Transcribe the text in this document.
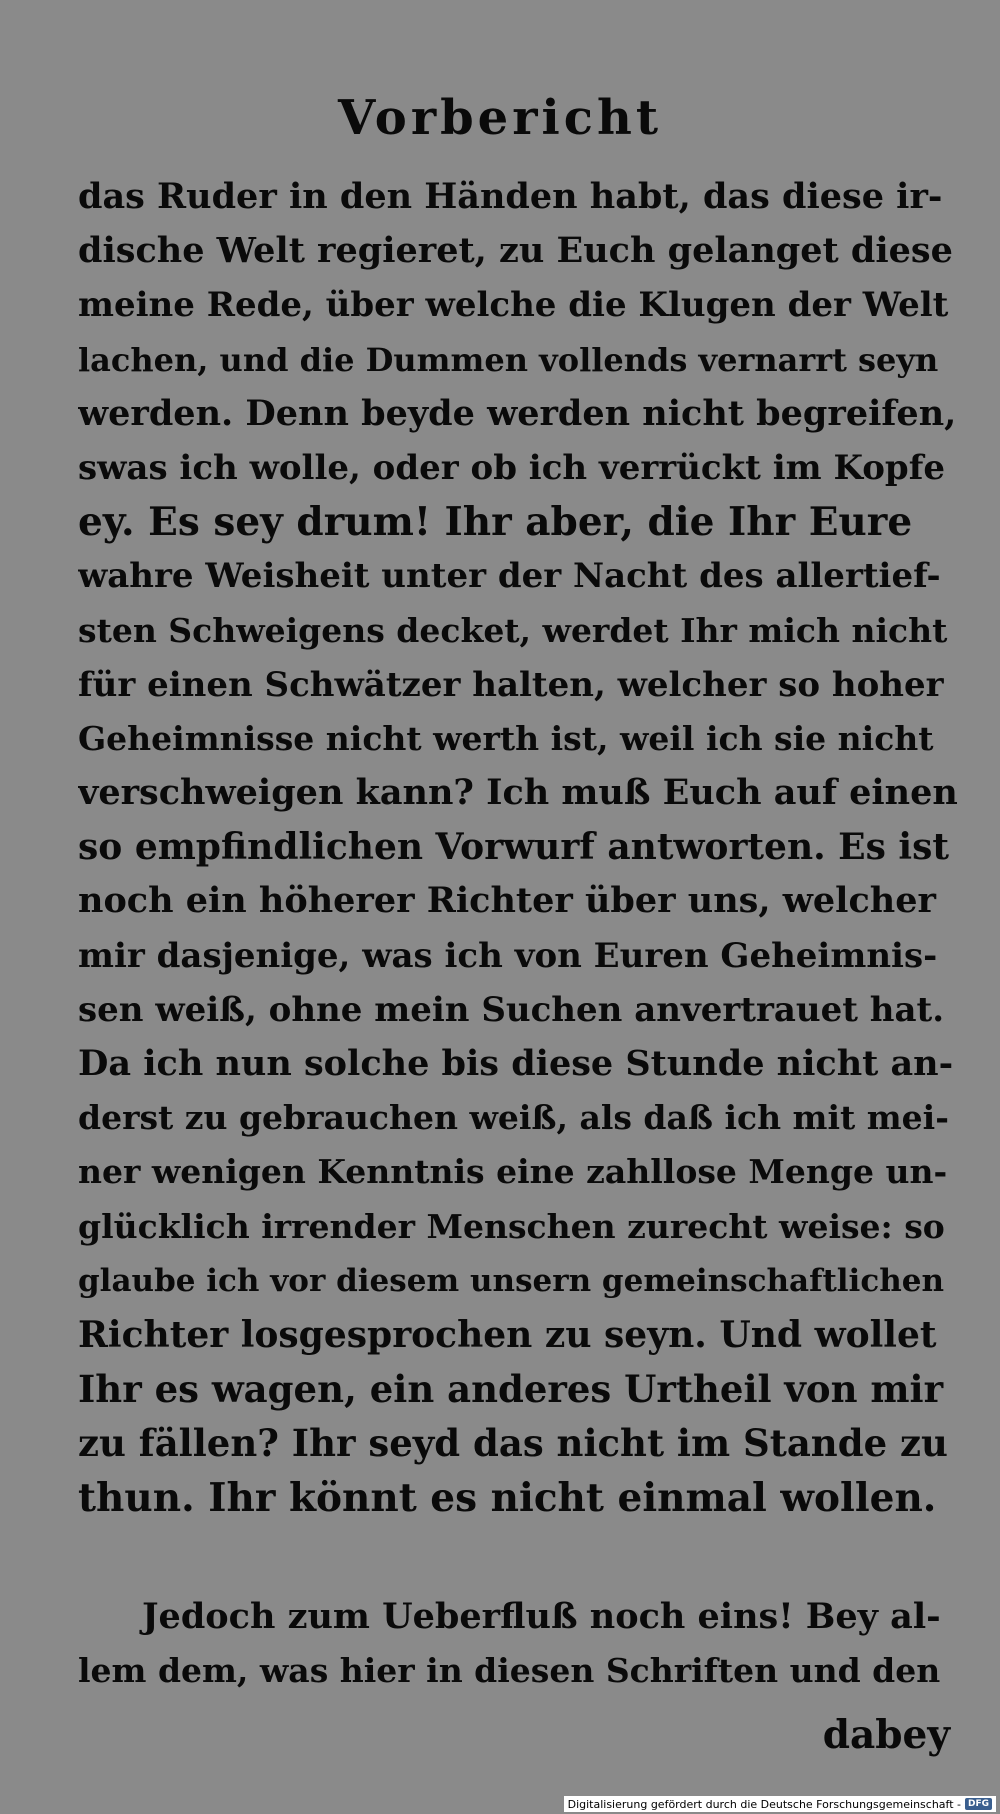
Vorbericht
das Ruder in den Händen habt, das diese ir-
dische Welt regieret, zu Euch gelanget diese
meine Rede, über welche die Klugen der Welt
lachen, und die Dummen vollends vernarrt seyn
werden. Denn beyde werden nicht begreifen,
swas ich wolle, oder ob ich verrückt im Kopfe
ey. Es sey drum! Ihr aber, die Ihr Eure
wahre Weisheit unter der Nacht des allertief-
sten Schweigens decket, werdet Ihr mich nicht
für einen Schwätzer halten, welcher so hoher
Geheimnisse nicht werth ist, weil ich sie nicht
verschweigen kann? Ich muß Euch auf einen
so empfindlichen Vorwurf antworten. Es ist
noch ein höherer Richter über uns, welcher
mir dasjenige, was ich von Euren Geheimnis-
sen weiß, ohne mein Suchen anvertrauet hat.
Da ich nun solche bis diese Stunde nicht an-
derst zu gebrauchen weiß, als daß ich mit mei-
ner wenigen Kenntnis eine zahllose Menge un-
glücklich irrender Menschen zurecht weise: so
glaube ich vor diesem unsern gemeinschaftlichen
Richter losgesprochen zu seyn. Und wollet
Ihr es wagen, ein anderes Urtheil von mir
zu fällen? Ihr seyd das nicht im Stande zu
thun. Ihr könnt es nicht einmal wollen.
Jedoch zum Ueberfluß noch eins! Bey al-
lem dem, was hier in diesen Schriften und den
dabey
Digitalisierung gefördert durch die Deutsche Forschungsgemeinschaft - DFG
